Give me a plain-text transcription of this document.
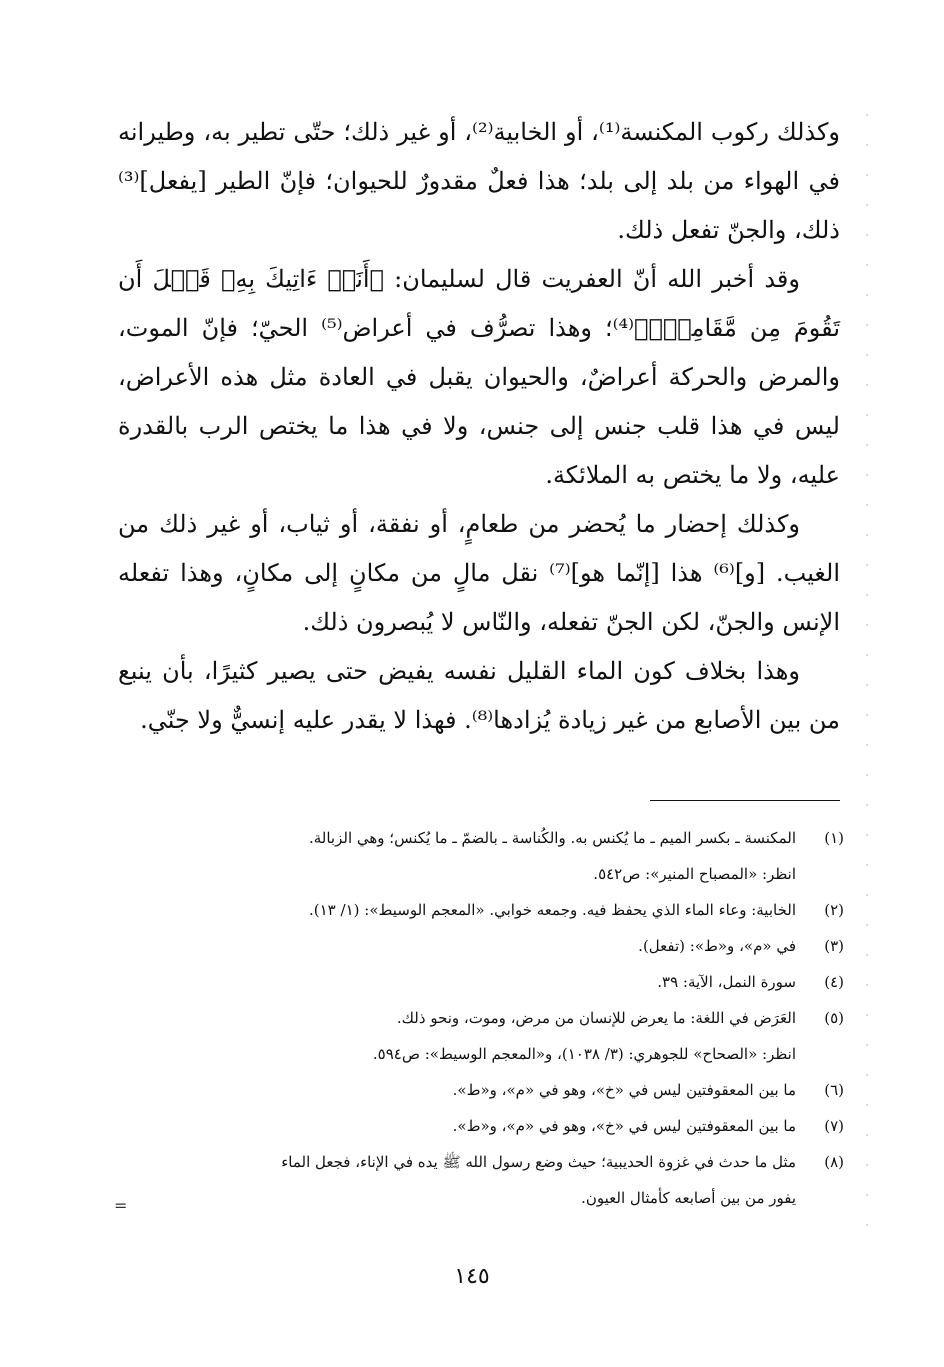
وكذلك ركوب المكنسة⁽¹⁾، أو الخابية⁽²⁾، أو غير ذلك؛ حتّى تطير به، وطيرانه في الهواء من بلد إلى بلد؛ هذا فعلٌ مقدورٌ للحيوان؛ فإنّ الطير [يفعل]⁽³⁾ ذلك، والجنّ تفعل ذلك.

وقد أخبر الله أنّ العفريت قال لسليمان: ﴿أَنَا۠ ءَاتِيكَ بِهِۦ قَبۡلَ أَن تَقُومَ مِن مَّقَامِكَۖ﴾⁽⁴⁾؛ وهذا تصرُّف في أعراض⁽⁵⁾ الحيّ؛ فإنّ الموت، والمرض والحركة أعراضٌ، والحيوان يقبل في العادة مثل هذه الأعراض، ليس في هذا قلب جنس إلى جنس، ولا في هذا ما يختص الرب بالقدرة عليه، ولا ما يختص به الملائكة.

وكذلك إحضار ما يُحضر من طعامٍ، أو نفقة، أو ثياب، أو غير ذلك من الغيب. [و]⁽⁶⁾ هذا [إنّما هو]⁽⁷⁾ نقل مالٍ من مكانٍ إلى مكانٍ، وهذا تفعله الإنس والجنّ، لكن الجنّ تفعله، والنّاس لا يُبصرون ذلك.

وهذا بخلاف كون الماء القليل نفسه يفيض حتى يصير كثيرًا، بأن ينبع من بين الأصابع من غير زيادة يُزادها⁽⁸⁾. فهذا لا يقدر عليه إنسيٌّ ولا جنّي.

(١)
المكنسة ـ بكسر الميم ـ ما يُكنس به. والكُناسة ـ بالضمّ ـ ما يُكنس؛ وهي الزبالة.
انظر: «المصباح المنير»: ص٥٤٢.
(٢)
الخابية: وعاء الماء الذي يحفظ فيه. وجمعه خوابي. «المعجم الوسيط»: (١/ ١٣).
(٣)
في «م»، و«ط»: (تفعل).
(٤)
سورة النمل، الآية: ٣٩.
(٥)
العَرَض في اللغة: ما يعرض للإنسان من مرض، وموت، ونحو ذلك.
انظر: «الصحاح» للجوهري: (٣/ ١٠٣٨)، و«المعجم الوسيط»: ص٥٩٤.
(٦)
ما بين المعقوفتين ليس في «خ»، وهو في «م»، و«ط».
(٧)
ما بين المعقوفتين ليس في «خ»، وهو في «م»، و«ط».
(٨)
مثل ما حدث في غزوة الحديبية؛ حيث وضع رسول الله ﷺ يده في الإناء، فجعل الماء
يفور من بين أصابعه كأمثال العيون.
=
١٤٥
